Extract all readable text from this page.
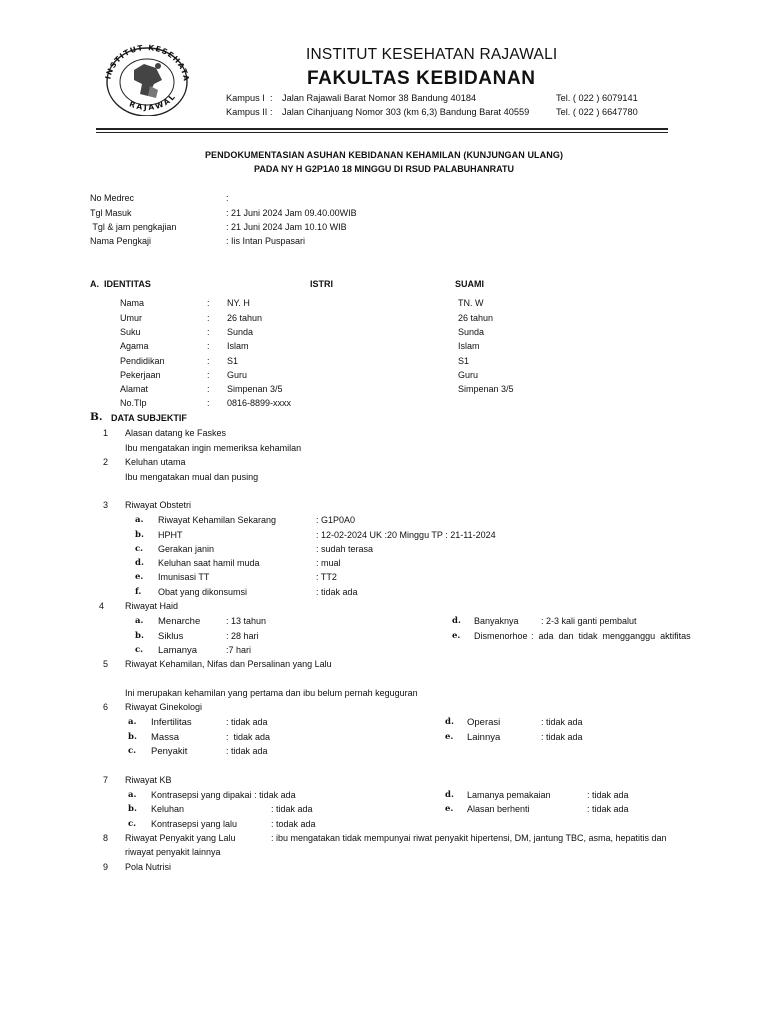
INSTITUT KESEHATA
RAJAWAL
INSTITUT KESEHATAN RAJAWALI
FAKULTAS KEBIDANAN
Kampus I : Jalan Rajawali Barat Nomor 38 Bandung 40184	Tel. ( 022 ) 6079141
Kampus II : Jalan Cihanjuang Nomor 303 (km 6,3) Bandung Barat 40559	Tel. ( 022 ) 6647780
PENDOKUMENTASIAN ASUHAN KEBIDANAN KEHAMILAN (KUNJUNGAN ULANG)
PADA NY H G2P1A0 18 MINGGU DI RSUD PALABUHANRATU
No Medrec	:
Tgl Masuk	: 21 Juni 2024 Jam 09.40.00WIB
Tgl & jam pengkajian	: 21 Juni 2024 Jam 10.10 WIB
Nama Pengkaji	: Iis Intan Puspasari
A.  IDENTITAS	ISTRI	SUAMI
Nama	: NY. H	TN. W
Umur	: 26 tahun	26 tahun
Suku	: Sunda	Sunda
Agama	: Islam	Islam
Pendidikan	: S1	S1
Pekerjaan	: Guru	Guru
Alamat	: Simpenan 3/5	Simpenan 3/5
No.Tlp	: 0816-8899-xxxx
B. DATA SUBJEKTIF
1 Alasan datang ke Faskes
Ibu mengatakan ingin memeriksa kehamilan
2 Keluhan utama
Ibu mengatakan mual dan pusing
3 Riwayat Obstetri
a. Riwayat Kehamilan Sekarang	: G1P0A0
b. HPHT	: 12-02-2024 UK :20 Minggu TP : 21-11-2024
c. Gerakan janin	: sudah terasa
d. Keluhan saat hamil muda	: mual
e. Imunisasi TT	: TT2
f. Obat yang dikonsumsi	: tidak ada
4 Riwayat Haid
a. Menarche	: 13 tahun
b. Siklus	: 28 hari
c. Lamanya	:7 hari
d. Banyaknya : 2-3 kali ganti pembalut
e. Dismenorhoe :  ada  dan  tidak  mengganggu  aktifitas
5 Riwayat Kehamilan, Nifas dan Persalinan yang Lalu
Ini merupakan kehamilan yang pertama dan ibu belum pernah keguguran
6 Riwayat Ginekologi
a. Infertilitas	: tidak ada
b. Massa	:  tidak ada
c. Penyakit	: tidak ada
d. Operasi	: tidak ada
e. Lainnya	: tidak ada
7 Riwayat KB
a. Kontrasepsi yang dipakai : tidak ada
b. Keluhan	: tidak ada
c. Kontrasepsi yang lalu	: todak ada
d. Lamanya pemakaian	: tidak ada
e. Alasan berhenti	: tidak ada
8 Riwayat Penyakit yang Lalu	: ibu mengatakan tidak mempunyai riwat penyakit hipertensi, DM, jantung TBC, asma, hepatitis dan
riwayat penyakit lainnya
9 Pola Nutrisi
